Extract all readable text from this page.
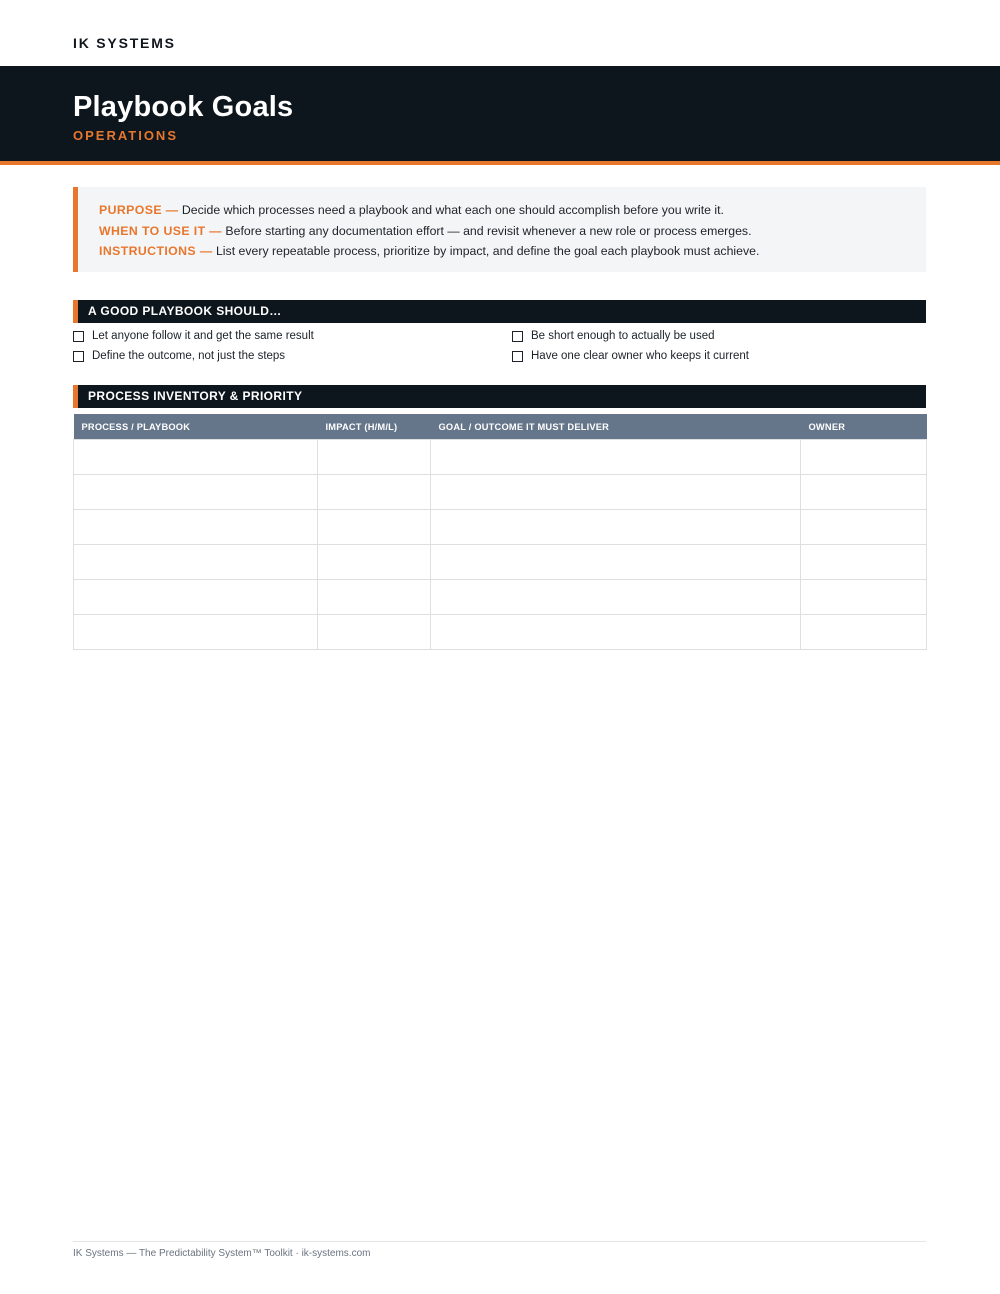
IK SYSTEMS
Playbook Goals
OPERATIONS
PURPOSE — Decide which processes need a playbook and what each one should accomplish before you write it.
WHEN TO USE IT — Before starting any documentation effort — and revisit whenever a new role or process emerges.
INSTRUCTIONS — List every repeatable process, prioritize by impact, and define the goal each playbook must achieve.
A GOOD PLAYBOOK SHOULD…
Let anyone follow it and get the same result
Define the outcome, not just the steps
Be short enough to actually be used
Have one clear owner who keeps it current
PROCESS INVENTORY & PRIORITY
PROCESS / PLAYBOOK	IMPACT (H/M/L)	GOAL / OUTCOME IT MUST DELIVER	OWNER

IK Systems — The Predictability System™ Toolkit · ik-systems.com
